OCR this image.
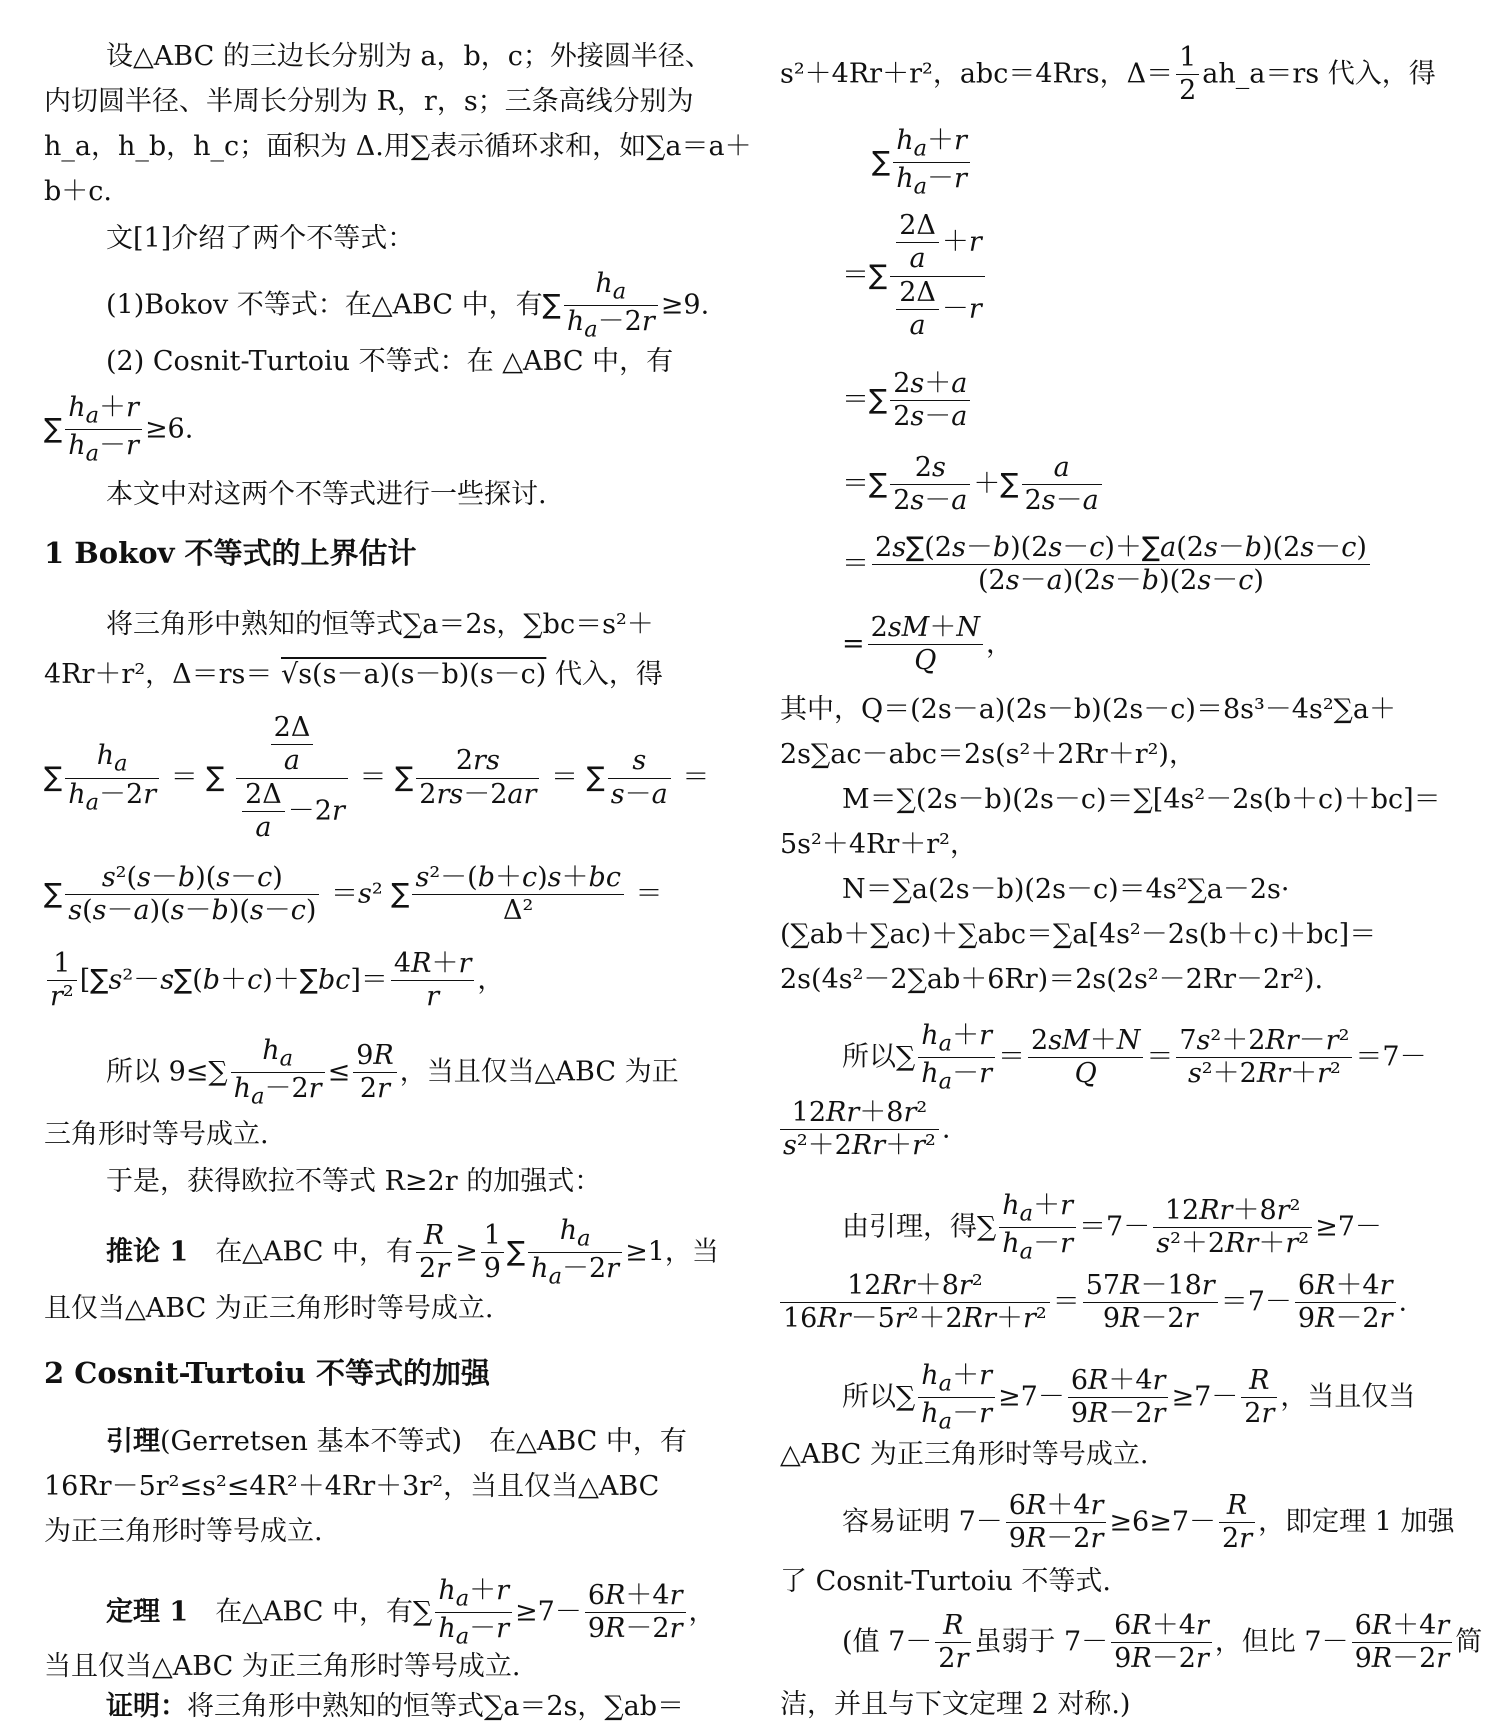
设△ABC 的三边长分别为 a，b，c；外接圆半径、
内切圆半径、半周长分别为 R，r，s；三条高线分别为
h_a，h_b，h_c；面积为 Δ.用∑表示循环求和，如∑a＝a＋
b＋c.
文[1]介绍了两个不等式：
(1)Bokov 不等式：在△ABC 中，有∑ $\frac{h_a}{h_a-2r} \ge 9$.
(2) Cosnit-Turtoiu 不等式：在 △ABC 中，有
∑ $\frac{h_a+r}{h_a-r} \ge 6$.
本文中对这两个不等式进行一些探讨.
1 Bokov 不等式的上界估计
将三角形中熟知的恒等式∑a＝2s，∑bc＝s²＋
4Rr＋r²，Δ＝rs＝ √s(s－a)(s－b)(s－c) 代入，得
∑ $\frac{h_a}{h_a-2r}$ ＝ ∑ $\frac{\frac{2\Delta}{a}}{\frac{2\Delta}{a} -2r}$ ＝ ∑ $\frac{2rs}{2rs-2ar}$ ＝ ∑ $\frac{s}{s-a}$ ＝
∑ $\frac{\text{s²(s－b)(s－c)}}{s(s-a)(s-b)(s-c)} =s^2$ ∑ $\frac{\text{s²－(b＋c)s＋bc}}{\text{Δ²}}$ ＝
$\frac{1}{\text{r²}} [\sum s^2-s\sum(b+c)+\sum bc]= \frac{4R+r}{r}$ ，
所以 $9\le\sum \frac{h_a}{h_a-2r} \le \frac{9R}{2r}$ ，当且仅当△ABC 为正
三角形时等号成立.
于是，获得欧拉不等式 R≥2r 的加强式：
推论 1　 在△ABC 中，有 $\frac{R}{2r} \ge \frac{1}{9}$ ∑ $\frac{h_a}{h_a-2r} \ge 1$，当
且仅当△ABC 为正三角形时等号成立.
2 Cosnit-Turtoiu 不等式的加强
引理(Gerretsen 基本不等式)　 在△ABC 中，有
16Rr－5r²≤s²≤4R²＋4Rr＋3r²，当且仅当△ABC
为正三角形时等号成立.
定理 1　 在△ABC 中，有∑ $\frac{h_a+r}{h_a-r} \ge 7- \frac{6R+4r}{9R-2r}$ ，
当且仅当△ABC 为正三角形时等号成立.
证明：将三角形中熟知的恒等式∑a＝2s，∑ab＝
s²＋4Rr＋r²，abc＝4Rrs，$\Delta= \frac{1}{2}$ ah_a＝rs 代入，得
∑ $\frac{h_a+r}{h_a-r}$
＝∑ $\frac{\frac{2\Delta}{a} +r}{\frac{2\Delta}{a} -r}$
＝∑ $\frac{2s+a}{2s-a}$
＝∑ $\frac{2s}{2s-a}$ ＋∑ $\frac{a}{2s-a}$
＝ $\frac{2s\sum(2s-b)(2s-c)+\sum a(2s-b)(2s-c)}{(2s-a)(2s-b)(2s-c)}$
= $\frac{2sM+N}{Q}$ ，
其中，Q＝(2s－a)(2s－b)(2s－c)＝8s³－4s²∑a＋
2s∑ac－abc＝2s(s²＋2Rr＋r²)，
M＝∑(2s－b)(2s－c)＝∑[4s²－2s(b＋c)＋bc]＝
5s²＋4Rr＋r²，
N＝∑a(2s－b)(2s－c)＝4s²∑a－2s·
(∑ab＋∑ac)＋∑abc＝∑a[4s²－2s(b＋c)＋bc]＝
2s(4s²－2∑ab＋6Rr)＝2s(2s²－2Rr－2r²).
所以∑ $\frac{h_a+r}{h_a-r} = \frac{2sM+N}{Q} = \frac{\text{7s²＋2Rr－r²}}{\text{s²＋2Rr＋r²}} =7-$
$\frac{\text{12Rr＋8r²}}{\text{s²＋2Rr＋r²}}$ .
由引理，得∑ $\frac{h_a+r}{h_a-r} =7- \frac{\text{12Rr＋8r²}}{\text{s²＋2Rr＋r²}} \ge 7-$
$\frac{\text{12Rr＋8r²}}{\text{16Rr－5r²＋2Rr＋r²}} = \frac{57R-18r}{9R-2r} =7- \frac{6R+4r}{9R-2r}$ .
所以∑ $\frac{h_a+r}{h_a-r} \ge 7- \frac{6R+4r}{9R-2r} \ge 7- \frac{R}{2r}$ ，当且仅当
△ABC 为正三角形时等号成立.
容易证明 $7- \frac{6R+4r}{9R-2r} \ge 6\ge 7- \frac{R}{2r}$ ，即定理 1 加强
了 Cosnit-Turtoiu 不等式.
(值 $7- \frac{R}{2r}$ 虽弱于 $7- \frac{6R+4r}{9R-2r}$ ，但比 $7- \frac{6R+4r}{9R-2r}$ 简
洁，并且与下文定理 2 对称.)
